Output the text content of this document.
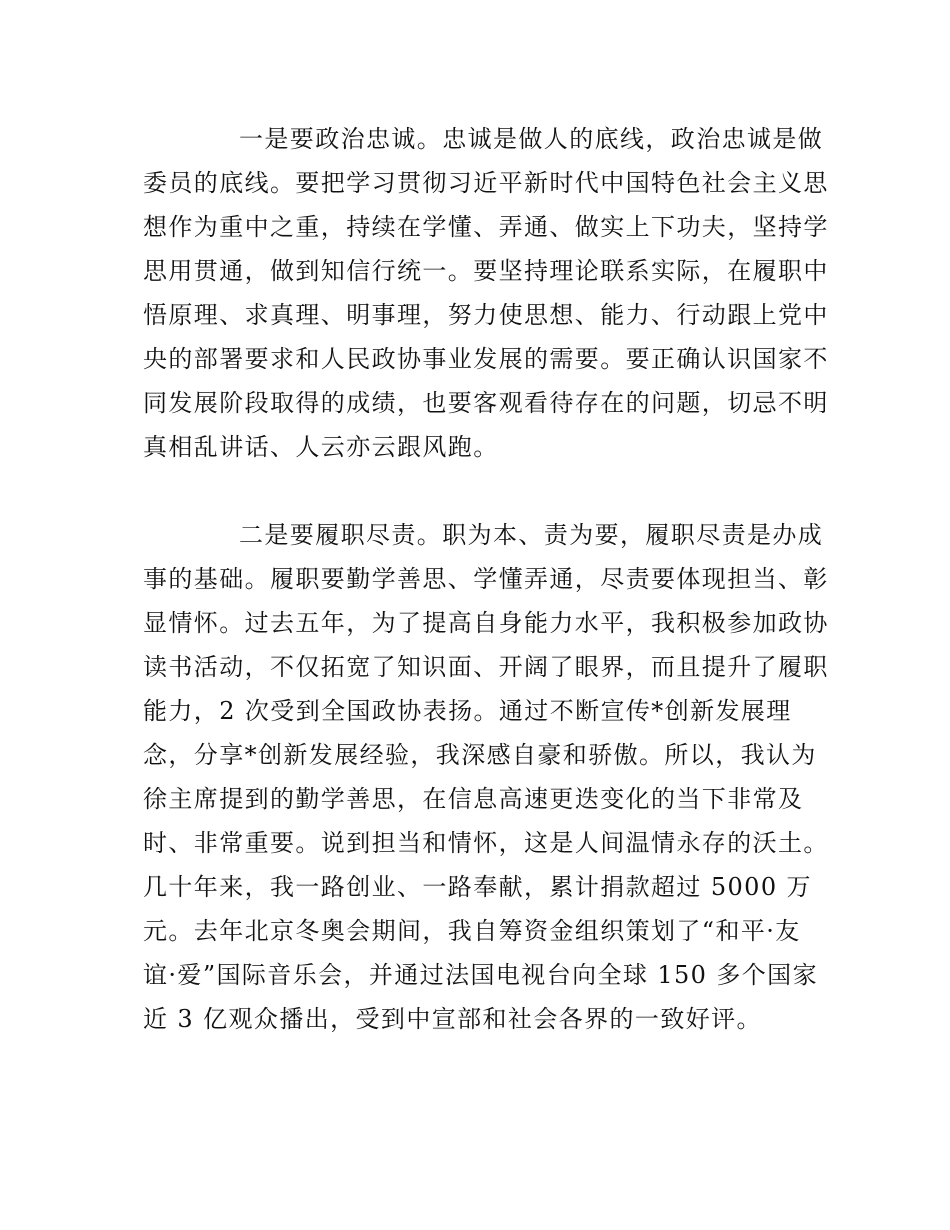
一是要政治忠诚。忠诚是做人的底线，政治忠诚是做
委员的底线。要把学习贯彻习近平新时代中国特色社会主义思
想作为重中之重，持续在学懂、弄通、做实上下功夫，坚持学
思用贯通，做到知信行统一。要坚持理论联系实际，在履职中
悟原理、求真理、明事理，努力使思想、能力、行动跟上党中
央的部署要求和人民政协事业发展的需要。要正确认识国家不
同发展阶段取得的成绩，也要客观看待存在的问题，切忌不明
真相乱讲话、人云亦云跟风跑。
二是要履职尽责。职为本、责为要，履职尽责是办成
事的基础。履职要勤学善思、学懂弄通，尽责要体现担当、彰
显情怀。过去五年，为了提高自身能力水平，我积极参加政协
读书活动，不仅拓宽了知识面、开阔了眼界，而且提升了履职
能力，2 次受到全国政协表扬。通过不断宣传*创新发展理
念，分享*创新发展经验，我深感自豪和骄傲。所以，我认为
徐主席提到的勤学善思，在信息高速更迭变化的当下非常及
时、非常重要。说到担当和情怀，这是人间温情永存的沃土。
几十年来，我一路创业、一路奉献，累计捐款超过 5000 万
元。去年北京冬奥会期间，我自筹资金组织策划了“和平·友
谊·爱”国际音乐会，并通过法国电视台向全球 150 多个国家
近 3 亿观众播出，受到中宣部和社会各界的一致好评。
